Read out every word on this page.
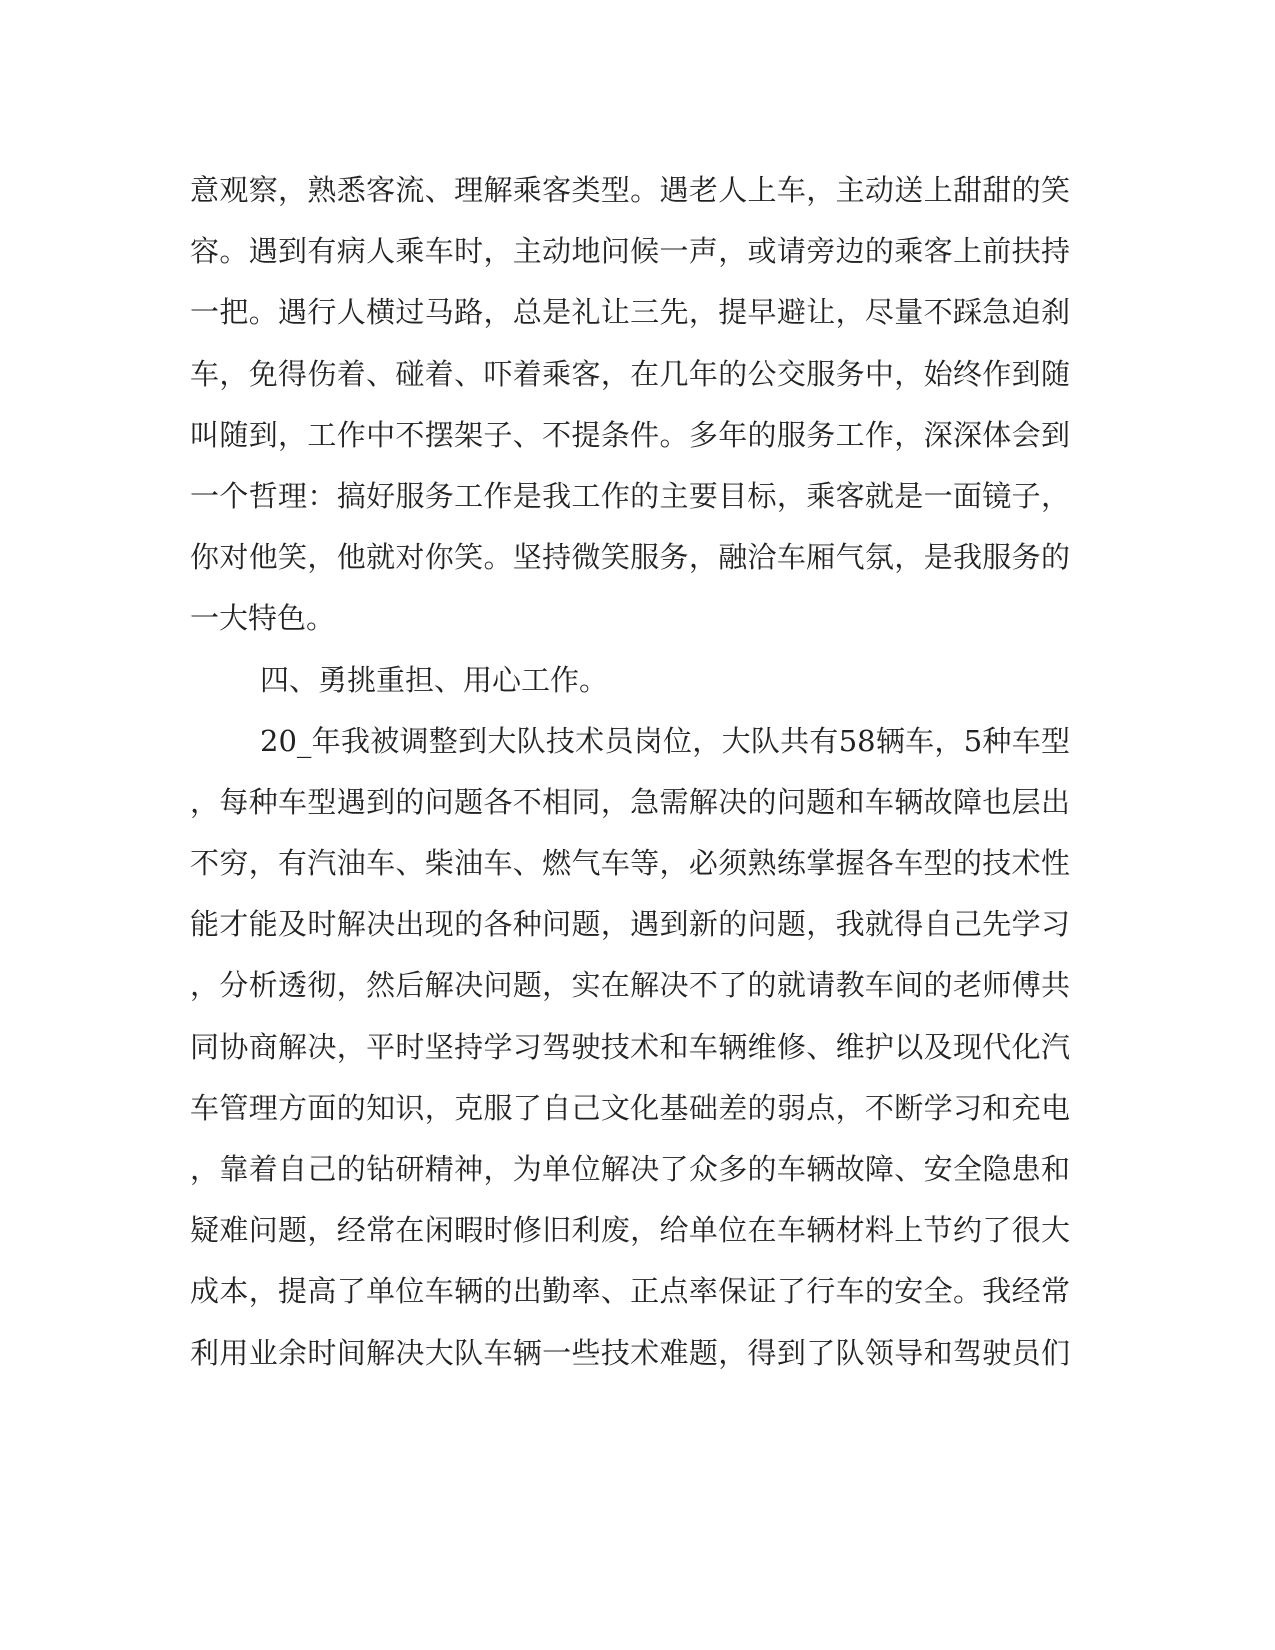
意观察，熟悉客流、理解乘客类型。遇老人上车，主动送上甜甜的笑
容。遇到有病人乘车时，主动地问候一声，或请旁边的乘客上前扶持
一把。遇行人横过马路，总是礼让三先，提早避让，尽量不踩急迫刹
车，免得伤着、碰着、吓着乘客，在几年的公交服务中，始终作到随
叫随到，工作中不摆架子、不提条件。多年的服务工作，深深体会到
一个哲理：搞好服务工作是我工作的主要目标，乘客就是一面镜子，
你对他笑，他就对你笑。坚持微笑服务，融洽车厢气氛，是我服务的
一大特色。
四、勇挑重担、用心工作。
20_年我被调整到大队技术员岗位，大队共有58辆车，5种车型
，每种车型遇到的问题各不相同，急需解决的问题和车辆故障也层出
不穷，有汽油车、柴油车、燃气车等，必须熟练掌握各车型的技术性
能才能及时解决出现的各种问题，遇到新的问题，我就得自己先学习
，分析透彻，然后解决问题，实在解决不了的就请教车间的老师傅共
同协商解决，平时坚持学习驾驶技术和车辆维修、维护以及现代化汽
车管理方面的知识，克服了自己文化基础差的弱点，不断学习和充电
，靠着自己的钻研精神，为单位解决了众多的车辆故障、安全隐患和
疑难问题，经常在闲暇时修旧利废，给单位在车辆材料上节约了很大
成本，提高了单位车辆的出勤率、正点率保证了行车的安全。我经常
利用业余时间解决大队车辆一些技术难题，得到了队领导和驾驶员们
